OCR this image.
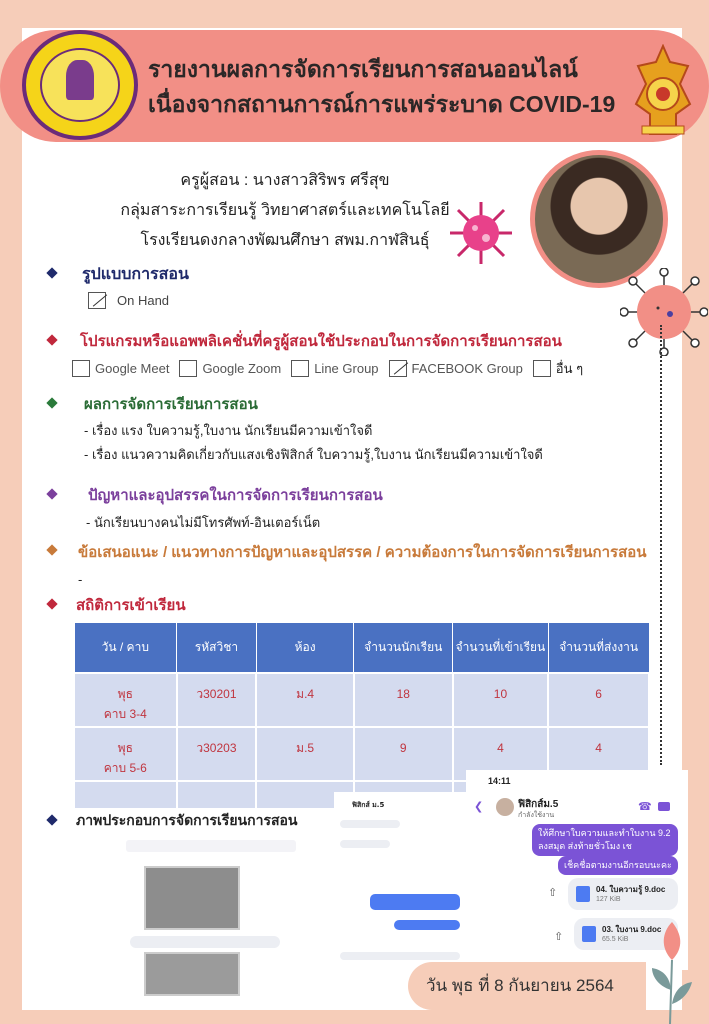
รายงานผลการจัดการเรียนการสอนออนไลน์
เนื่องจากสถานการณ์การแพร่ระบาด COVID-19
ครูผู้สอน : นางสาวสิริพร ศรีสุข
กลุ่มสาระการเรียนรู้ วิทยาศาสตร์และเทคโนโลยี
โรงเรียนดงกลางพัฒนศึกษา สพม.กาฬสินธุ์
รูปแบบการสอน
On Hand
โปรแกรมหรือแอพพลิเคชั่นที่ครูผู้สอนใช้ประกอบในการจัดการเรียนการสอน
Google Meet	Google Zoom	Line Group	FACEBOOK Group	อื่น ๆ
ผลการจัดการเรียนการสอน
- เรื่อง แรง ใบความรู้,ใบงาน นักเรียนมีความเข้าใจดี
- เรื่อง แนวความคิดเกี่ยวกับแสงเชิงฟิสิกส์ ใบความรู้,ใบงาน นักเรียนมีความเข้าใจดี
ปัญหาและอุปสรรคในการจัดการเรียนการสอน
- นักเรียนบางคนไม่มีโทรศัพท์-อินเตอร์เน็ต
ข้อเสนอแนะ / แนวทางการปัญหาและอุปสรรค / ความต้องการในการจัดการเรียนการสอน
-
สถิติการเข้าเรียน
วัน / คาบ	รหัสวิชา	ห้อง	จำนวนนักเรียน	จำนวนที่เข้าเรียน	จำนวนที่ส่งงาน

พุธ
คาบ 3-4	ว30201	ม.4	18	10	6

พุธ
คาบ 5-6	ว30203	ม.5	9	4	4

ภาพประกอบการจัดการเรียนการสอน
ฟิสิกส์ ม.5
14:11
❮	ฟิสิกส์ม.5
กำลังใช้งาน
☎
ให้ศึกษาใบความและทำใบงาน 9.2 ลงสมุด ส่งท้ายชั่วโมง เช
เช็คชื่อตามงานอีกรอบนะคะ
⇧	04. ใบความรู้ 9.doc
127 KiB
⇧
03. ใบงาน 9.doc
65.5 KiB
วัน พุธ ที่ 8 กันยายน 2564
